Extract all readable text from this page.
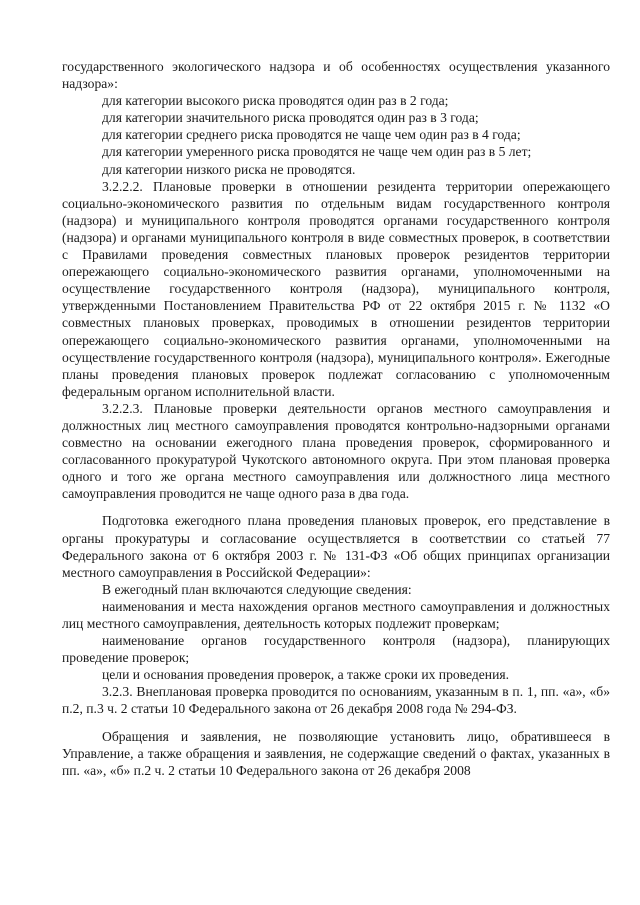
государственного экологического надзора и об особенностях осуществления указанного надзора»:

для категории высокого риска проводятся один раз в 2 года;

для категории значительного риска проводятся один раз в 3 года;

для категории среднего риска проводятся не чаще чем один раз в 4 года;

для категории умеренного риска проводятся не чаще чем один раз в 5 лет;

для категории низкого риска не проводятся.

3.2.2.2. Плановые проверки в отношении резидента территории опережающего социально-экономического развития по отдельным видам государственного контроля (надзора) и муниципального контроля проводятся органами государственного контроля (надзора) и органами муниципального контроля в виде совместных проверок, в соответствии с Правилами проведения совместных плановых проверок резидентов территории опережающего социально-экономического развития органами, уполномоченными на осуществление государственного контроля (надзора), муниципального контроля, утвержденными Постановлением Правительства РФ от 22 октября 2015 г. № 1132 «О совместных плановых проверках, проводимых в отношении резидентов территории опережающего социально-экономического развития органами, уполномоченными на осуществление государственного контроля (надзора), муниципального контроля». Ежегодные планы проведения плановых проверок подлежат согласованию с уполномоченным федеральным органом исполнительной власти.

3.2.2.3. Плановые проверки деятельности органов местного самоуправления и должностных лиц местного самоуправления проводятся контрольно-надзорными органами совместно на основании ежегодного плана проведения проверок, сформированного и согласованного прокуратурой Чукотского автономного округа. При этом плановая проверка одного и того же органа местного самоуправления или должностного лица местного самоуправления проводится не чаще одного раза в два года.

Подготовка ежегодного плана проведения плановых проверок, его представление в органы прокуратуры и согласование осуществляется в соответствии со статьей 77 Федерального закона от 6 октября 2003 г. № 131-ФЗ «Об общих принципах организации местного самоуправления в Российской Федерации»:

В ежегодный план включаются следующие сведения:

наименования и места нахождения органов местного самоуправления и должностных лиц местного самоуправления, деятельность которых подлежит проверкам;

наименование органов государственного контроля (надзора), планирующих проведение проверок;

цели и основания проведения проверок, а также сроки их проведения.

3.2.3. Внеплановая проверка проводится по основаниям, указанным в п. 1, пп. «а», «б» п.2, п.3 ч. 2 статьи 10 Федерального закона от 26 декабря 2008 года № 294-ФЗ.

Обращения и заявления, не позволяющие установить лицо, обратившееся в Управление, а также обращения и заявления, не содержащие сведений о фактах, указанных в пп. «а», «б» п.2 ч. 2 статьи 10 Федерального закона от 26 декабря 2008
